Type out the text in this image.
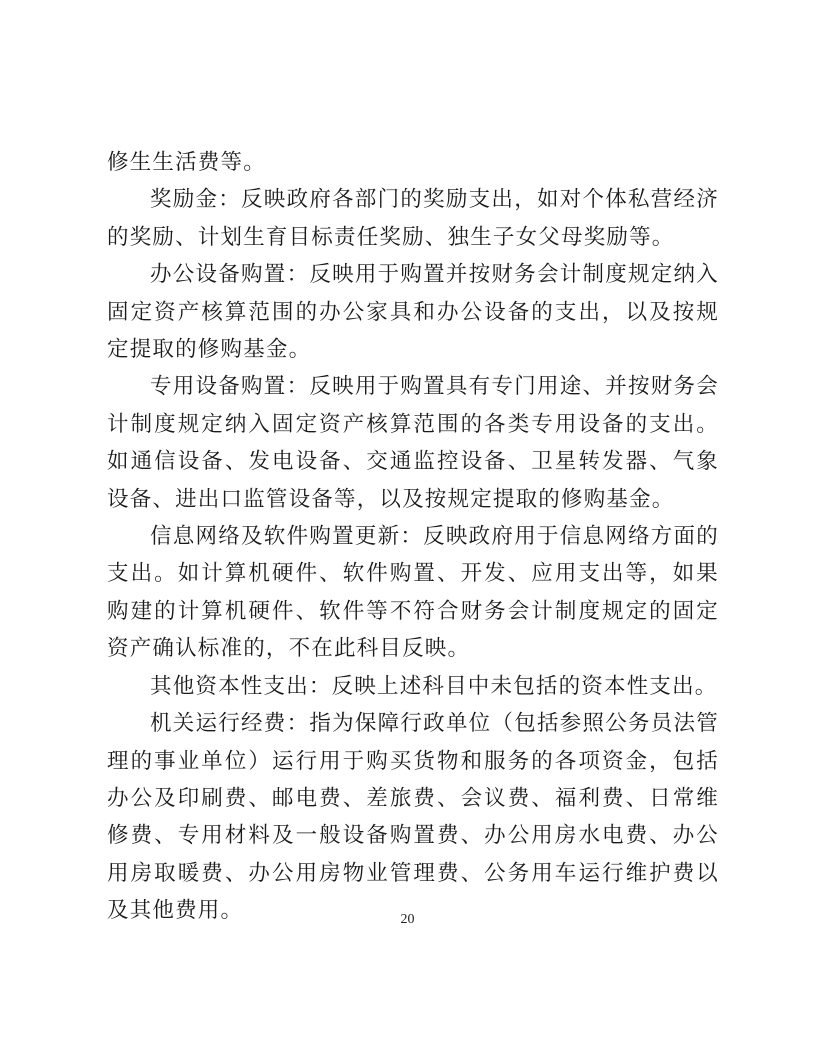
修生生活费等。

奖励金：反映政府各部门的奖励支出，如对个体私营经济的奖励、计划生育目标责任奖励、独生子女父母奖励等。

办公设备购置：反映用于购置并按财务会计制度规定纳入固定资产核算范围的办公家具和办公设备的支出，以及按规定提取的修购基金。

专用设备购置：反映用于购置具有专门用途、并按财务会计制度规定纳入固定资产核算范围的各类专用设备的支出。如通信设备、发电设备、交通监控设备、卫星转发器、气象设备、进出口监管设备等，以及按规定提取的修购基金。

信息网络及软件购置更新：反映政府用于信息网络方面的支出。如计算机硬件、软件购置、开发、应用支出等，如果购建的计算机硬件、软件等不符合财务会计制度规定的固定资产确认标准的，不在此科目反映。

其他资本性支出：反映上述科目中未包括的资本性支出。

机关运行经费：指为保障行政单位（包括参照公务员法管理的事业单位）运行用于购买货物和服务的各项资金，包括办公及印刷费、邮电费、差旅费、会议费、福利费、日常维修费、专用材料及一般设备购置费、办公用房水电费、办公用房取暖费、办公用房物业管理费、公务用车运行维护费以及其他费用。	20
